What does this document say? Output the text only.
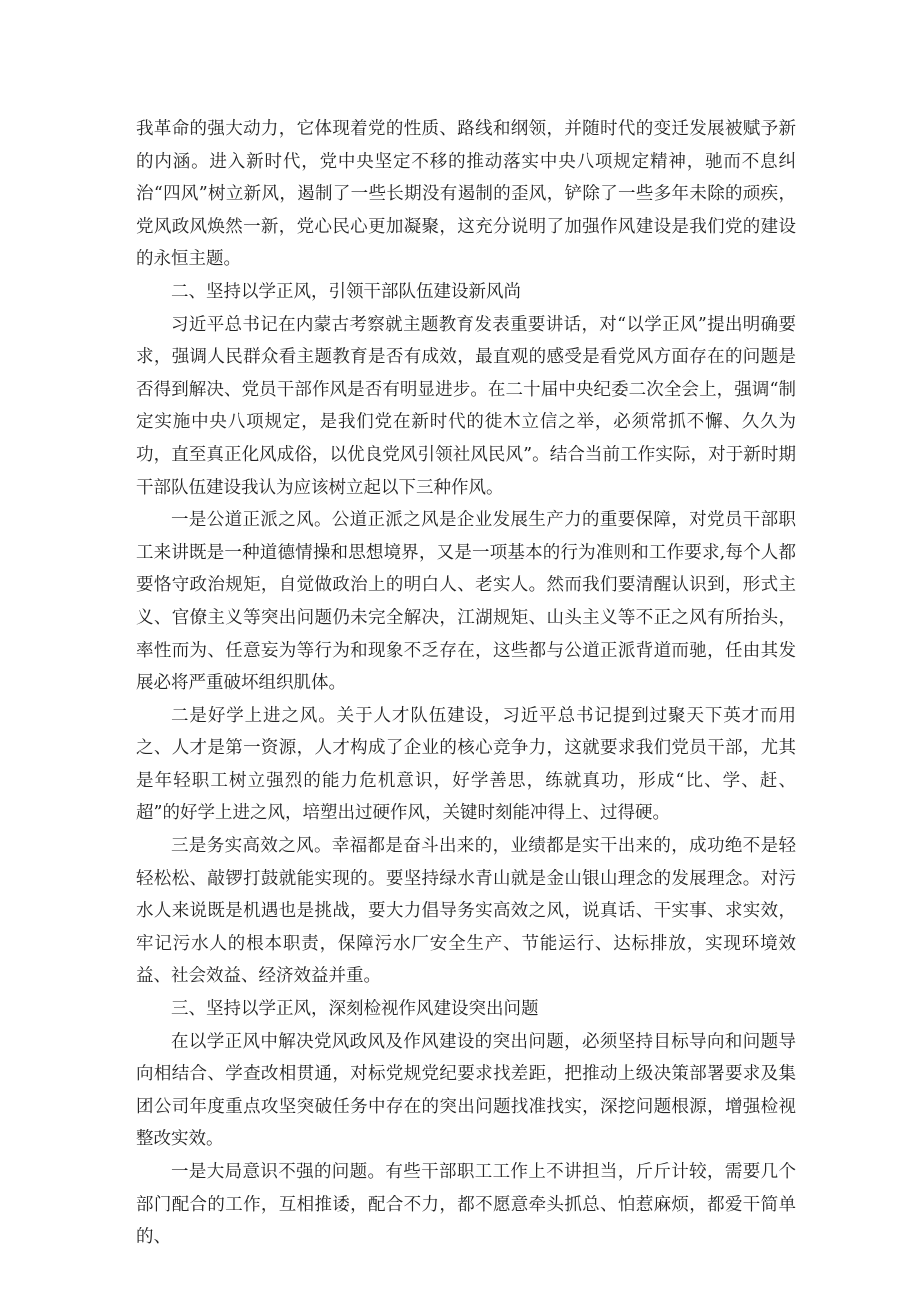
我革命的强大动力，它体现着党的性质、路线和纲领，并随时代的变迁发展被赋予新的内涵。进入新时代，党中央坚定不移的推动落实中央八项规定精神，驰而不息纠治“四风”树立新风，遏制了一些长期没有遏制的歪风，铲除了一些多年未除的顽疾，党风政风焕然一新，党心民心更加凝聚，这充分说明了加强作风建设是我们党的建设的永恒主题。

二、坚持以学正风，引领干部队伍建设新风尚

习近平总书记在内蒙古考察就主题教育发表重要讲话，对“以学正风”提出明确要求，强调人民群众看主题教育是否有成效，最直观的感受是看党风方面存在的问题是否得到解决、党员干部作风是否有明显进步。在二十届中央纪委二次全会上，强调“制定实施中央八项规定，是我们党在新时代的徙木立信之举，必须常抓不懈、久久为功，直至真正化风成俗，以优良党风引领社风民风”。结合当前工作实际，对于新时期干部队伍建设我认为应该树立起以下三种作风。

一是公道正派之风。公道正派之风是企业发展生产力的重要保障，对党员干部职工来讲既是一种道德情操和思想境界，又是一项基本的行为准则和工作要求,每个人都要恪守政治规矩，自觉做政治上的明白人、老实人。然而我们要清醒认识到，形式主义、官僚主义等突出问题仍未完全解决，江湖规矩、山头主义等不正之风有所抬头，率性而为、任意妄为等行为和现象不乏存在，这些都与公道正派背道而驰，任由其发展必将严重破坏组织肌体。

二是好学上进之风。关于人才队伍建设，习近平总书记提到过聚天下英才而用之、人才是第一资源，人才构成了企业的核心竞争力，这就要求我们党员干部，尤其是年轻职工树立强烈的能力危机意识，好学善思，练就真功，形成“比、学、赶、超”的好学上进之风，培塑出过硬作风，关键时刻能冲得上、过得硬。

三是务实高效之风。幸福都是奋斗出来的，业绩都是实干出来的，成功绝不是轻轻松松、敲锣打鼓就能实现的。要坚持绿水青山就是金山银山理念的发展理念。对污水人来说既是机遇也是挑战，要大力倡导务实高效之风，说真话、干实事、求实效，牢记污水人的根本职责，保障污水厂安全生产、节能运行、达标排放，实现环境效益、社会效益、经济效益并重。

三、坚持以学正风，深刻检视作风建设突出问题

在以学正风中解决党风政风及作风建设的突出问题，必须坚持目标导向和问题导向相结合、学查改相贯通，对标党规党纪要求找差距，把推动上级决策部署要求及集团公司年度重点攻坚突破任务中存在的突出问题找准找实，深挖问题根源，增强检视整改实效。

一是大局意识不强的问题。有些干部职工工作上不讲担当，斤斤计较，需要几个部门配合的工作，互相推诿，配合不力，都不愿意牵头抓总、怕惹麻烦，都爱干简单的、
